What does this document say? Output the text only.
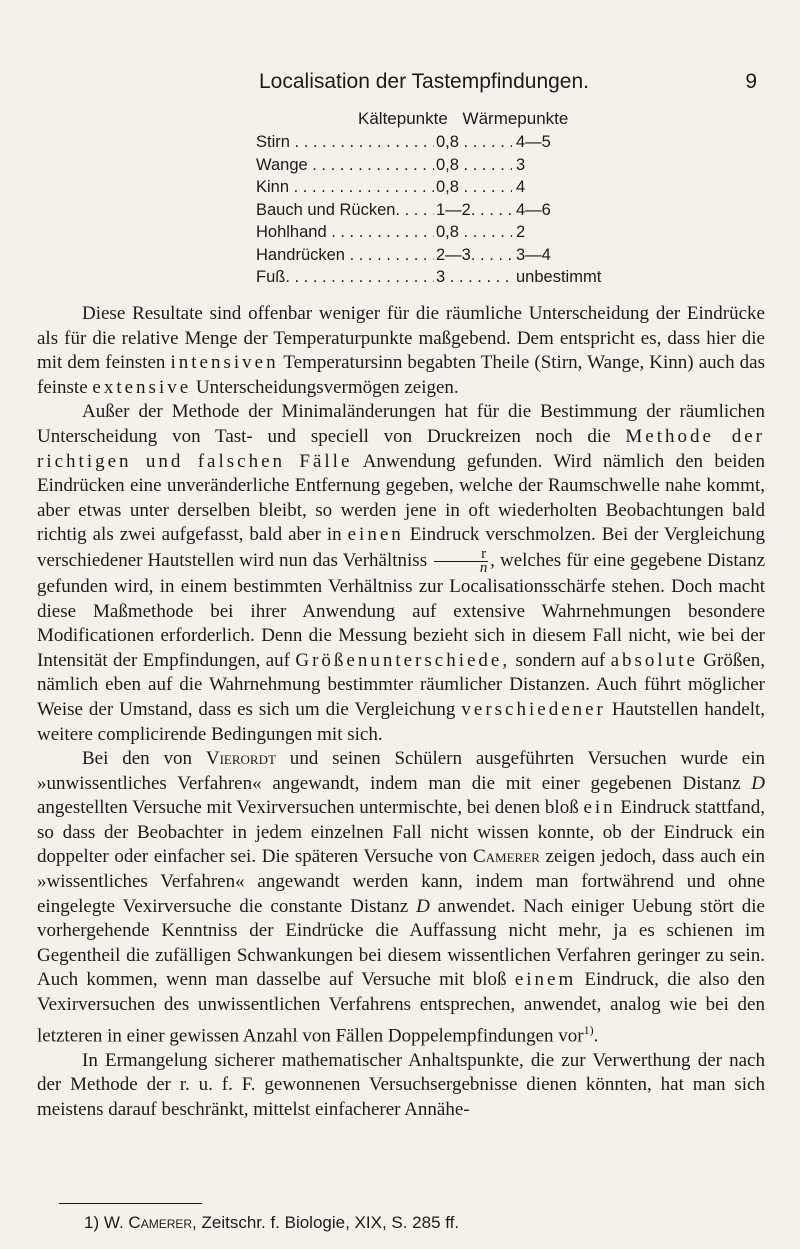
Localisation der Tastempfindungen.	9
Kältepunkte Wärmepunkte
Stirn . . .	0,8 . . .	4—5
Wange . . .	0,8 . . .	3
Kinn . . .	0,8 . . .	4
Bauch und Rücken. . . .	1—2. . . .	4—6
Hohlhand . . .	0,8 . . .	2
Handrücken . . .	2—3. . . .	3—4
Fuß. . . .	3 . . .	unbestimmt

Diese Resultate sind offenbar weniger für die räumliche Unterscheidung der Eindrücke als für die relative Menge der Temperaturpunkte maßgebend. Dem entspricht es, dass hier die mit dem feinsten intensiven Temperatursinn begabten Theile (Stirn, Wange, Kinn) auch das feinste extensive Unterscheidungsvermögen zeigen.

Außer der Methode der Minimaländerungen hat für die Bestimmung der räumlichen Unterscheidung von Tast- und speciell von Druckreizen noch die Methode der richtigen und falschen Fälle Anwendung gefunden. Wird nämlich den beiden Eindrücken eine unveränderliche Entfernung gegeben, welche der Raumschwelle nahe kommt, aber etwas unter derselben bleibt, so werden jene in oft wiederholten Beobachtungen bald richtig als zwei aufgefasst, bald aber in einen Eindruck verschmolzen. Bei der Vergleichung verschiedener Hautstellen wird nun das Verhältniss $\frac{r}{n}$ , welches für eine gegebene Distanz gefunden wird, in einem bestimmten Verhältniss zur Localisationsschärfe stehen. Doch macht diese Maßmethode bei ihrer Anwendung auf extensive Wahrnehmungen besondere Modificationen erforderlich. Denn die Messung bezieht sich in diesem Fall nicht, wie bei der Intensität der Empfindungen, auf Größenunterschiede, sondern auf absolute Größen, nämlich eben auf die Wahrnehmung bestimmter räumlicher Distanzen. Auch führt möglicher Weise der Umstand, dass es sich um die Vergleichung verschiedener Hautstellen handelt, weitere complicirende Bedingungen mit sich.

Bei den von Vierordt und seinen Schülern ausgeführten Versuchen wurde ein »unwissentliches Verfahren« angewandt, indem man die mit einer gegebenen Distanz D angestellten Versuche mit Vexirversuchen untermischte, bei denen bloß ein Eindruck stattfand, so dass der Beobachter in jedem einzelnen Fall nicht wissen konnte, ob der Eindruck ein doppelter oder einfacher sei. Die späteren Versuche von Camerer zeigen jedoch, dass auch ein »wissentliches Verfahren« angewandt werden kann, indem man fortwährend und ohne eingelegte Vexirversuche die constante Distanz D anwendet. Nach einiger Uebung stört die vorhergehende Kenntniss der Eindrücke die Auffassung nicht mehr, ja es schienen im Gegentheil die zufälligen Schwankungen bei diesem wissentlichen Verfahren geringer zu sein. Auch kommen, wenn man dasselbe auf Versuche mit bloß einem Eindruck, die also den Vexirversuchen des unwissentlichen Verfahrens entsprechen, anwendet, analog wie bei den letzteren in einer gewissen Anzahl von Fällen Doppelempfindungen vor$^{1)}$.

In Ermangelung sicherer mathematischer Anhaltspunkte, die zur Verwerthung der nach der Methode der r. u. f. F. gewonnenen Versuchsergebnisse dienen könnten, hat man sich meistens darauf beschränkt, mittelst einfacherer Annähe-

1) W. Camerer, Zeitschr. f. Biologie, XIX, S. 285 ff.
